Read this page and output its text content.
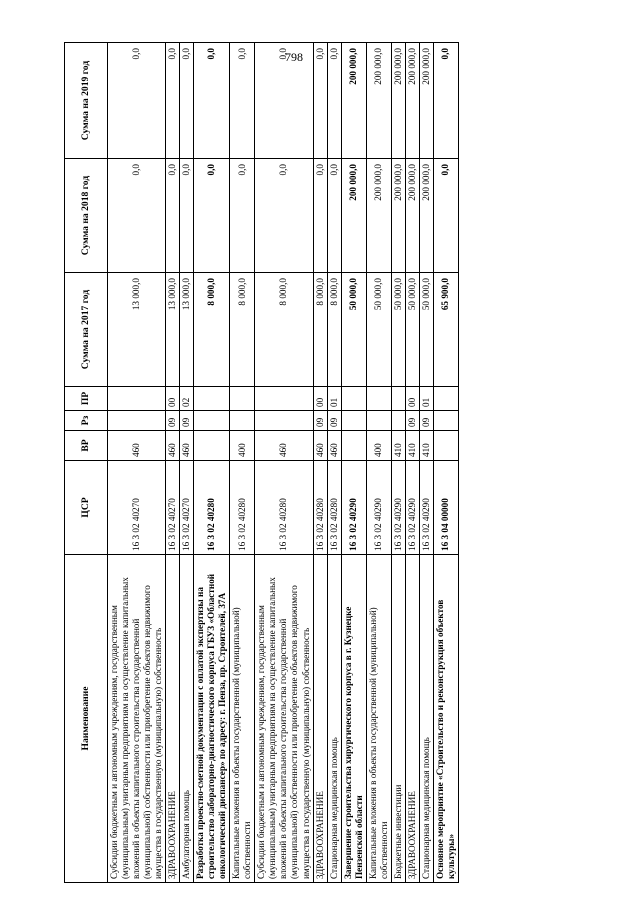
798
Наименование	ЦСР	ВР	Рз	ПР	Сумма на 2017 год	Сумма на 2018 год	Сумма на 2019 год
Субсидии бюджетным и автономным учреждениям, государственным (муниципальным) унитарным предприятиям на осуществление капитальных вложений в объекты капитального строительства государственной (муниципальной) собственности или приобретение объектов недвижимого имущества в государственную (муниципальную) собственность	16 3 02 40270	460			13 000,0	0,0	0,0
ЗДРАВООХРАНЕНИЕ	16 3 02 40270	460	09	00	13 000,0	0,0	0,0
Амбулаторная помощь	16 3 02 40270	460	09	02	13 000,0	0,0	0,0
Разработка проектно-сметной документации с оплатой экспертизы на строительство лабораторно-диагностического корпуса ГБУЗ «Областной онкологический диспансер» по адресу: г. Пенза, пр. Строителей, 37А	16 3 02 40280				8 000,0	0,0	0,0
Капитальные вложения в объекты государственной (муниципальной) собственности	16 3 02 40280	400			8 000,0	0,0	0,0
Субсидии бюджетным и автономным учреждениям, государственным (муниципальным) унитарным предприятиям на осуществление капитальных вложений в объекты капитального строительства государственной (муниципальной) собственности или приобретение объектов недвижимого имущества в государственную (муниципальную) собственность	16 3 02 40280	460			8 000,0	0,0	0,0
ЗДРАВООХРАНЕНИЕ	16 3 02 40280	460	09	00	8 000,0	0,0	0,0
Стационарная медицинская помощь	16 3 02 40280	460	09	01	8 000,0	0,0	0,0
Завершение строительства хирургического корпуса в г. Кузнецке Пензенской области	16 3 02 40290				50 000,0	200 000,0	200 000,0
Капитальные вложения в объекты государственной (муниципальной) собственности	16 3 02 40290	400			50 000,0	200 000,0	200 000,0
Бюджетные инвестиции	16 3 02 40290	410			50 000,0	200 000,0	200 000,0
ЗДРАВООХРАНЕНИЕ	16 3 02 40290	410	09	00	50 000,0	200 000,0	200 000,0
Стационарная медицинская помощь	16 3 02 40290	410	09	01	50 000,0	200 000,0	200 000,0
Основное мероприятие «Строительство и реконструкция объектов культуры»	16 3 04 00000				65 900,0	0,0	0,0
